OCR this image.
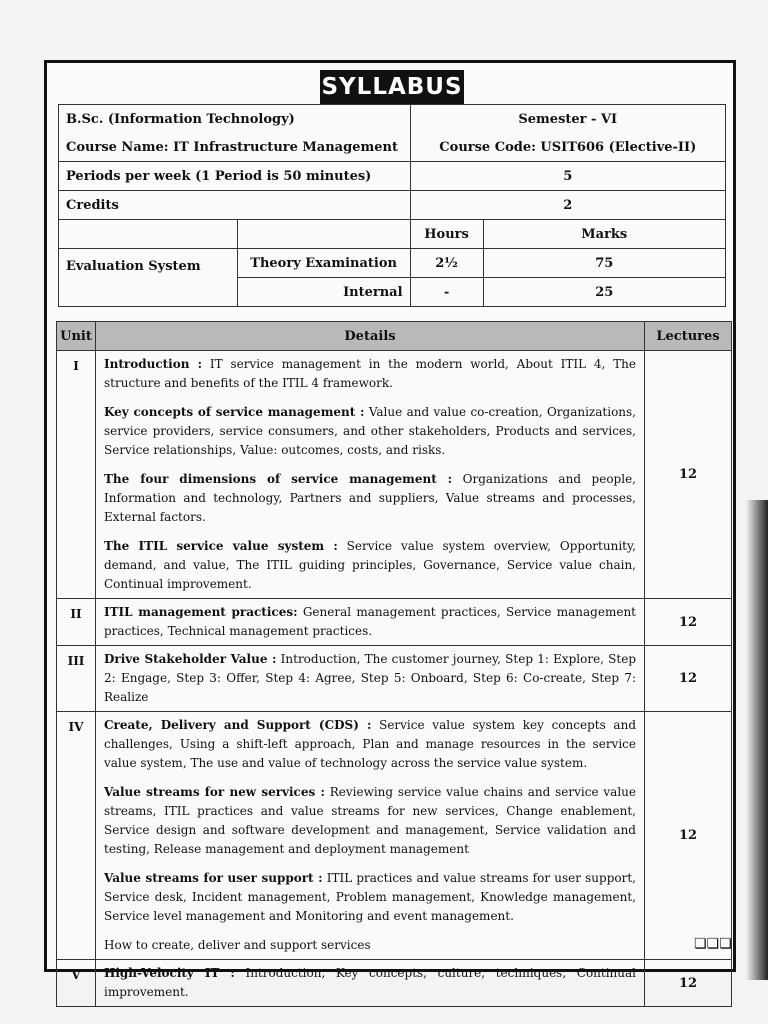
SYLLABUS
B.Sc. (Information Technology)		Semester - VI	
Course Name: IT Infrastructure Management		Course Code: USIT606 (Elective-II)	
Periods per week (1 Period is 50 minutes)		5	
Credits		2	
		Hours	Marks
Evaluation System	Theory Examination	2½	75
	Internal	-	25
Unit	Details	Lectures
I	Introduction : IT service management in the modern world, About ITIL 4, The structure and benefits of the ITIL 4 framework.

Key concepts of service management : Value and value co-creation, Organizations, service providers, service consumers, and other stakeholders, Products and services, Service relationships, Value: outcomes, costs, and risks.

The four dimensions of service management : Organizations and people, Information and technology, Partners and suppliers, Value streams and processes, External factors.

The ITIL service value system : Service value system overview, Opportunity, demand, and value, The ITIL guiding principles, Governance, Service value chain, Continual improvement.	12
II	ITIL management practices: General management practices, Service management practices, Technical management practices.	12
III	Drive Stakeholder Value : Introduction, The customer journey, Step 1: Explore, Step 2: Engage, Step 3: Offer, Step 4: Agree, Step 5: Onboard, Step 6: Co-create, Step 7: Realize	12
IV	Create, Delivery and Support (CDS) : Service value system key concepts and challenges, Using a shift-left approach, Plan and manage resources in the service value system, The use and value of technology across the service value system.

Value streams for new services : Reviewing service value chains and service value streams, ITIL practices and value streams for new services, Change enablement, Service design and software development and management, Service validation and testing, Release management and deployment management

Value streams for user support : ITIL practices and value streams for user support, Service desk, Incident management, Problem management, Knowledge management, Service level management and Monitoring and event management.

How to create, deliver and support services	12
V	High-Velocity IT : Introduction, Key concepts, culture, techniques, Continual improvement.	12
❏❏❏
